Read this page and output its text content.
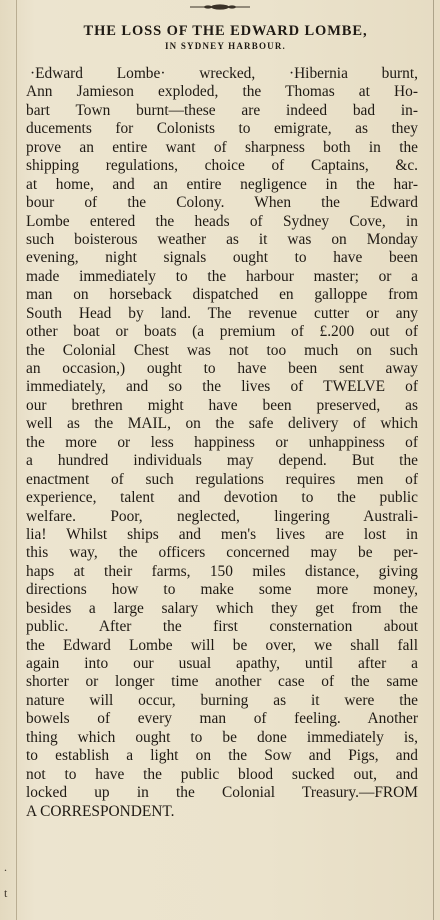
.
t
THE LOSS OF THE EDWARD LOMBE,
IN SYDNEY HARBOUR.
·Edward Lombe· wrecked, ·Hibernia burnt,
Ann Jamieson exploded, the Thomas at Ho-
bart Town burnt—these are indeed bad in-
ducements for Colonists to emigrate, as they
prove an entire want of sharpness both in the
shipping regulations, choice of Captains, &c.
at home, and an entire negligence in the har-
bour of the Colony. When the Edward
Lombe entered the heads of Sydney Cove, in
such boisterous weather as it was on Monday
evening, night signals ought to have been
made immediately to the harbour master; or a
man on horseback dispatched en galloppe from
South Head by land. The revenue cutter or any
other boat or boats (a premium of £.200 out of
the Colonial Chest was not too much on such
an occasion,) ought to have been sent away
immediately, and so the lives of TWELVE of
our brethren might have been preserved, as
well as the MAIL, on the safe delivery of which
the more or less happiness or unhappiness of
a hundred individuals may depend. But the
enactment of such regulations requires men of
experience, talent and devotion to the public
welfare. Poor, neglected, lingering Australi-
lia! Whilst ships and men's lives are lost in
this way, the officers concerned may be per-
haps at their farms, 150 miles distance, giving
directions how to make some more money,
besides a large salary which they get from the
public. After the first consternation about
the Edward Lombe will be over, we shall fall
again into our usual apathy, until after a
shorter or longer time another case of the same
nature will occur, burning as it were the
bowels of every man of feeling. Another
thing which ought to be done immediately is,
to establish a light on the Sow and Pigs, and
not to have the public blood sucked out, and
locked up in the Colonial Treasury.—FROM
A CORRESPONDENT.
